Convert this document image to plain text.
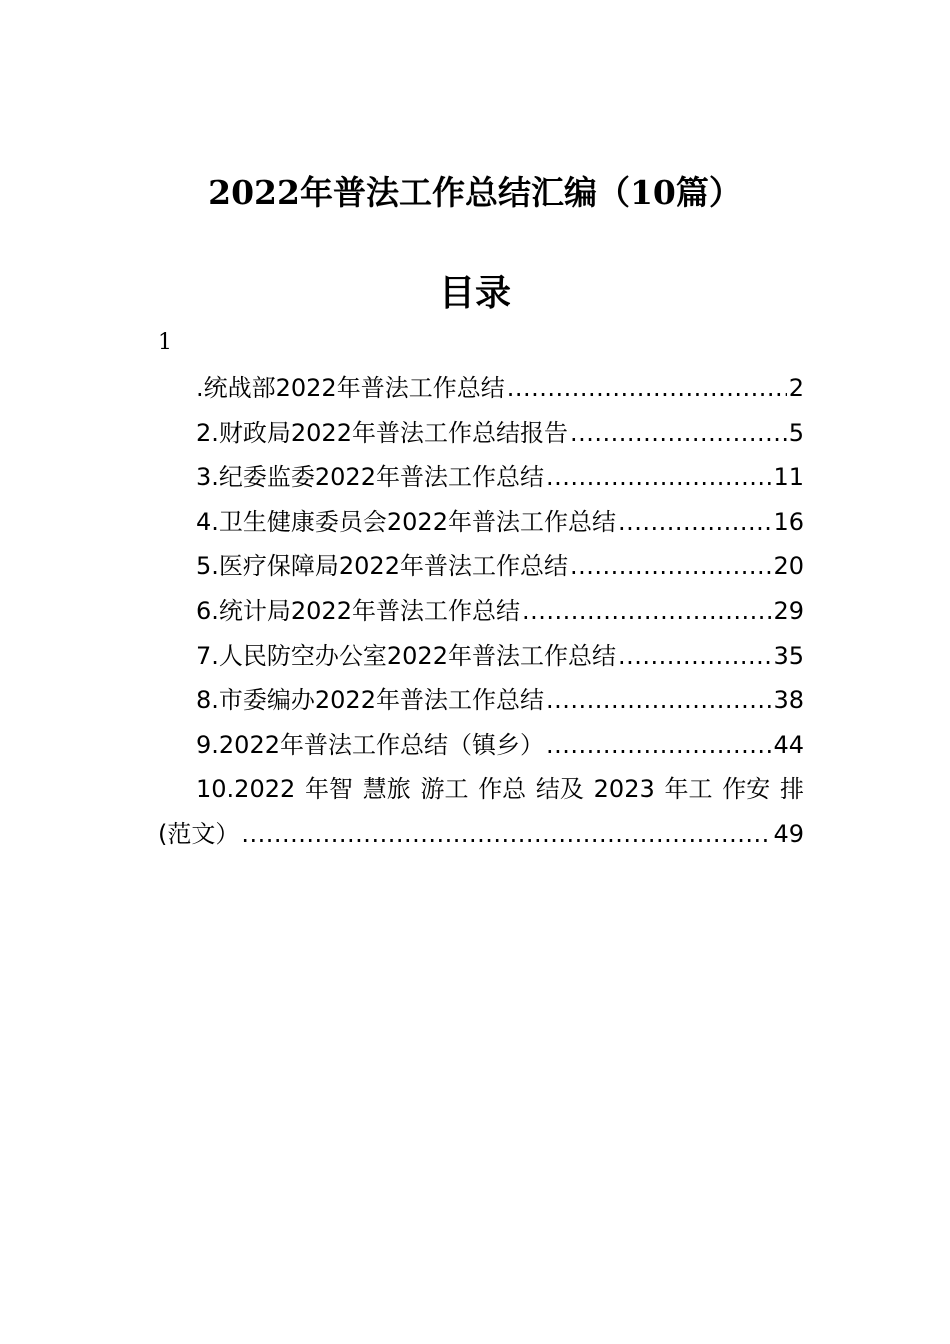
2022年普法工作总结汇编（10篇）
目录
1
.统战部2022年普法工作总结 .....	2
2.财政局2022年普法工作总结报告 .....	5
3.纪委监委2022年普法工作总结 .....	11
4.卫生健康委员会2022年普法工作总结 .....	16
5.医疗保障局2022年普法工作总结 .....	20
6.统计局2022年普法工作总结 .....	29
7.人民防空办公室2022年普法工作总结 .....	35
8.市委编办2022年普法工作总结 .....	38
9.2022年普法工作总结（镇乡） .....	44
10.2022 年智 慧旅 游工 作总 结及 2023 年工 作安 排
(范文） .....	49
